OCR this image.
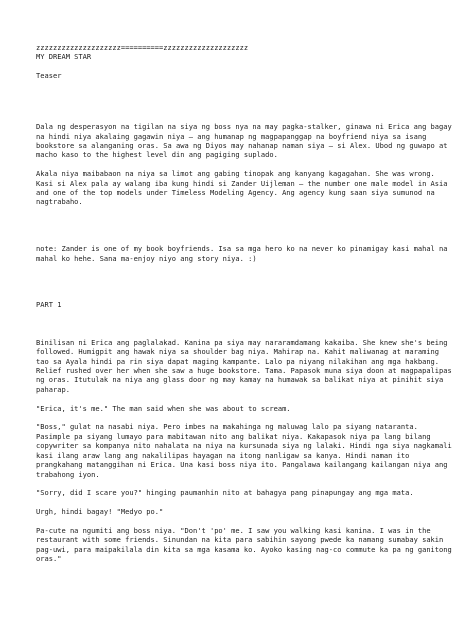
zzzzzzzzzzzzzzzzzzzz==========zzzzzzzzzzzzzzzzzzzz
MY DREAM STAR
Teaser

Dala ng desperasyon na tigilan na siya ng boss nya na may pagka-stalker, ginawa ni Erica ang bagay na hindi niya akalaing gagawin niya – ang humanap ng magpapanggap na boyfriend niya sa isang bookstore sa alanganing oras. Sa awa ng Diyos may nahanap naman siya – si Alex. Ubod ng guwapo at macho kaso to the highest level din ang pagiging suplado.

Akala niya maibabaon na niya sa limot ang gabing tinopak ang kanyang kagagahan. She was wrong. Kasi si Alex pala ay walang iba kung hindi si Zander Uijleman – the number one male model in Asia and one of the top models under Timeless Modeling Agency. Ang agency kung saan siya sumunod na nagtrabaho.

note: Zander is one of my book boyfriends. Isa sa mga hero ko na never ko pinamigay kasi mahal na mahal ko hehe. Sana ma-enjoy niyo ang story niya. :)

PART 1

Binilisan ni Erica ang paglalakad. Kanina pa siya may nararamdamang kakaiba. She knew she's being followed. Humigpit ang hawak niya sa shoulder bag niya. Mahirap na. Kahit maliwanag at maraming tao sa Ayala hindi pa rin siya dapat maging kampante. Lalo pa niyang nilakihan ang mga hakbang. Relief rushed over her when she saw a huge bookstore. Tama. Papasok muna siya doon at magpapalipas ng oras. Itutulak na niya ang glass door ng may kamay na humawak sa balikat niya at pinihit siya paharap.

"Erica, it's me." The man said when she was about to scream.

"Boss," gulat na nasabi niya. Pero imbes na makahinga ng maluwag lalo pa siyang nataranta. Pasimple pa siyang lumayo para mabitawan nito ang balikat niya. Kakapasok niya pa lang bilang copywriter sa kompanya nito nahalata na niya na kursunada siya ng lalaki. Hindi nga siya nagkamali kasi ilang araw lang ang nakalilipas hayagan na itong nanligaw sa kanya. Hindi naman ito prangkahang matanggihan ni Erica. Una kasi boss niya ito. Pangalawa kailangang kailangan niya ang trabahong iyon.

"Sorry, did I scare you?" hinging paumanhin nito at bahagya pang pinapungay ang mga mata.

Urgh, hindi bagay! "Medyo po."

Pa-cute na ngumiti ang boss niya. "Don't 'po' me. I saw you walking kasi kanina. I was in the restaurant with some friends. Sinundan na kita para sabihin sayong pwede ka namang sumabay sakin pag-uwi, para maipakilala din kita sa mga kasama ko. Ayoko kasing nag-co commute ka pa ng ganitong oras."
